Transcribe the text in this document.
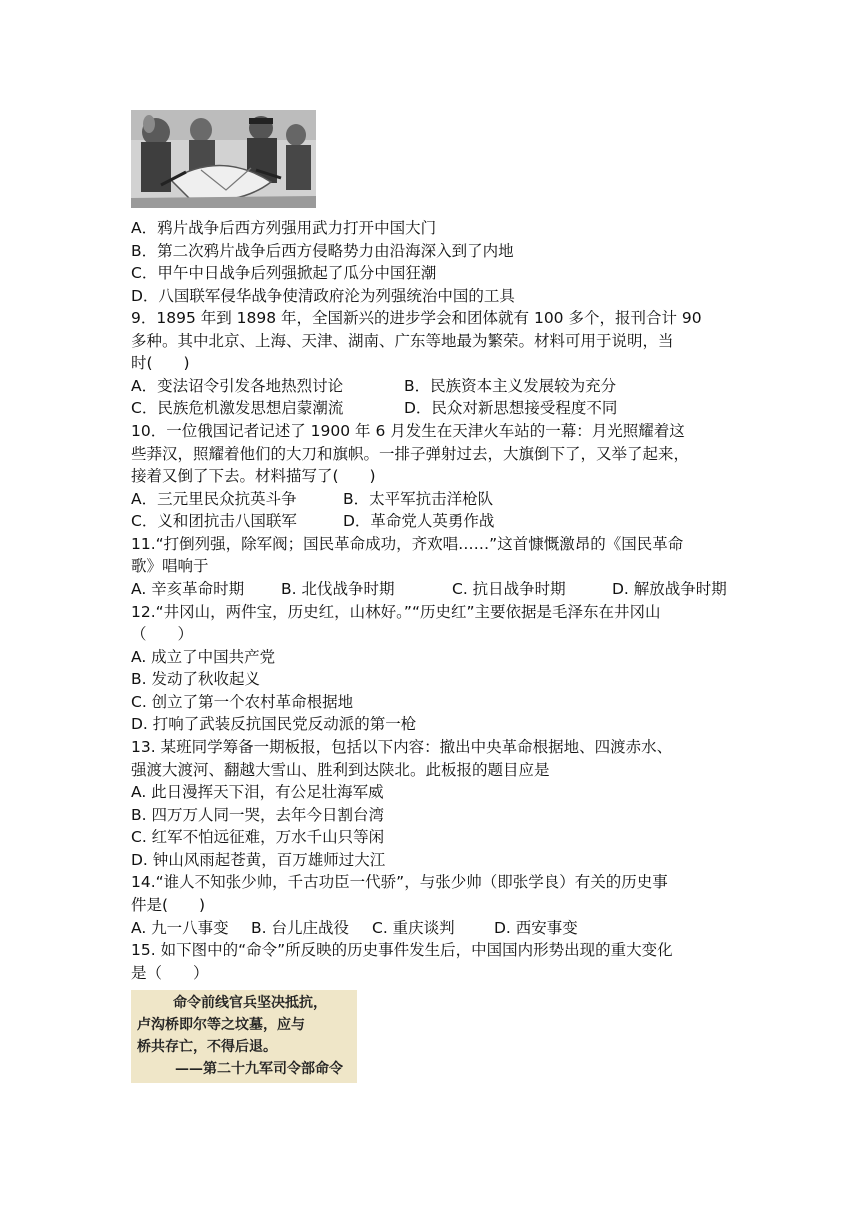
A．鸦片战争后西方列强用武力打开中国大门
B．第二次鸦片战争后西方侵略势力由沿海深入到了内地
C．甲午中日战争后列强掀起了瓜分中国狂潮
D．八国联军侵华战争使清政府沦为列强统治中国的工具
9．1895 年到 1898 年，全国新兴的进步学会和团体就有 100 多个，报刊合计 90
多种。其中北京、上海、天津、湖南、广东等地最为繁荣。材料可用于说明，当
时(　　)
A．变法诏令引发各地热烈讨论	B．民族资本主义发展较为充分
C．民族危机激发思想启蒙潮流	D．民众对新思想接受程度不同
10．一位俄国记者记述了 1900 年 6 月发生在天津火车站的一幕：月光照耀着这
些莽汉，照耀着他们的大刀和旗帜。一排子弹射过去，大旗倒下了，又举了起来，
接着又倒了下去。材料描写了(　　)
A．三元里民众抗英斗争	B．太平军抗击洋枪队
C．义和团抗击八国联军	D．革命党人英勇作战
11.“打倒列强，除军阀；国民革命成功，齐欢唱……”这首慷慨激昂的《国民革命
歌》唱响于
A. 辛亥革命时期	B. 北伐战争时期	C. 抗日战争时期	D. 解放战争时期
12.“井冈山，两件宝，历史红，山林好。”“历史红”主要依据是毛泽东在井冈山
（　　）
A. 成立了中国共产党
B. 发动了秋收起义
C. 创立了第一个农村革命根据地
D. 打响了武装反抗国民党反动派的第一枪
13. 某班同学筹备一期板报，包括以下内容：撤出中央革命根据地、四渡赤水、
强渡大渡河、翻越大雪山、胜利到达陕北。此板报的题目应是
A. 此日漫挥天下泪，有公足壮海军威
B. 四万万人同一哭，去年今日割台湾
C. 红军不怕远征难，万水千山只等闲
D. 钟山风雨起苍黄，百万雄师过大江
14.“谁人不知张少帅，千古功臣一代骄”，与张少帅（即张学良）有关的历史事
件是(　　)
A. 九一八事变	B. 台儿庄战役	C. 重庆谈判	D. 西安事变
15. 如下图中的“命令”所反映的历史事件发生后，中国国内形势出现的重大变化
是（　　）
命令前线官兵坚决抵抗，
卢沟桥即尔等之坟墓，应与
桥共存亡，不得后退。
——第二十九军司令部命令
